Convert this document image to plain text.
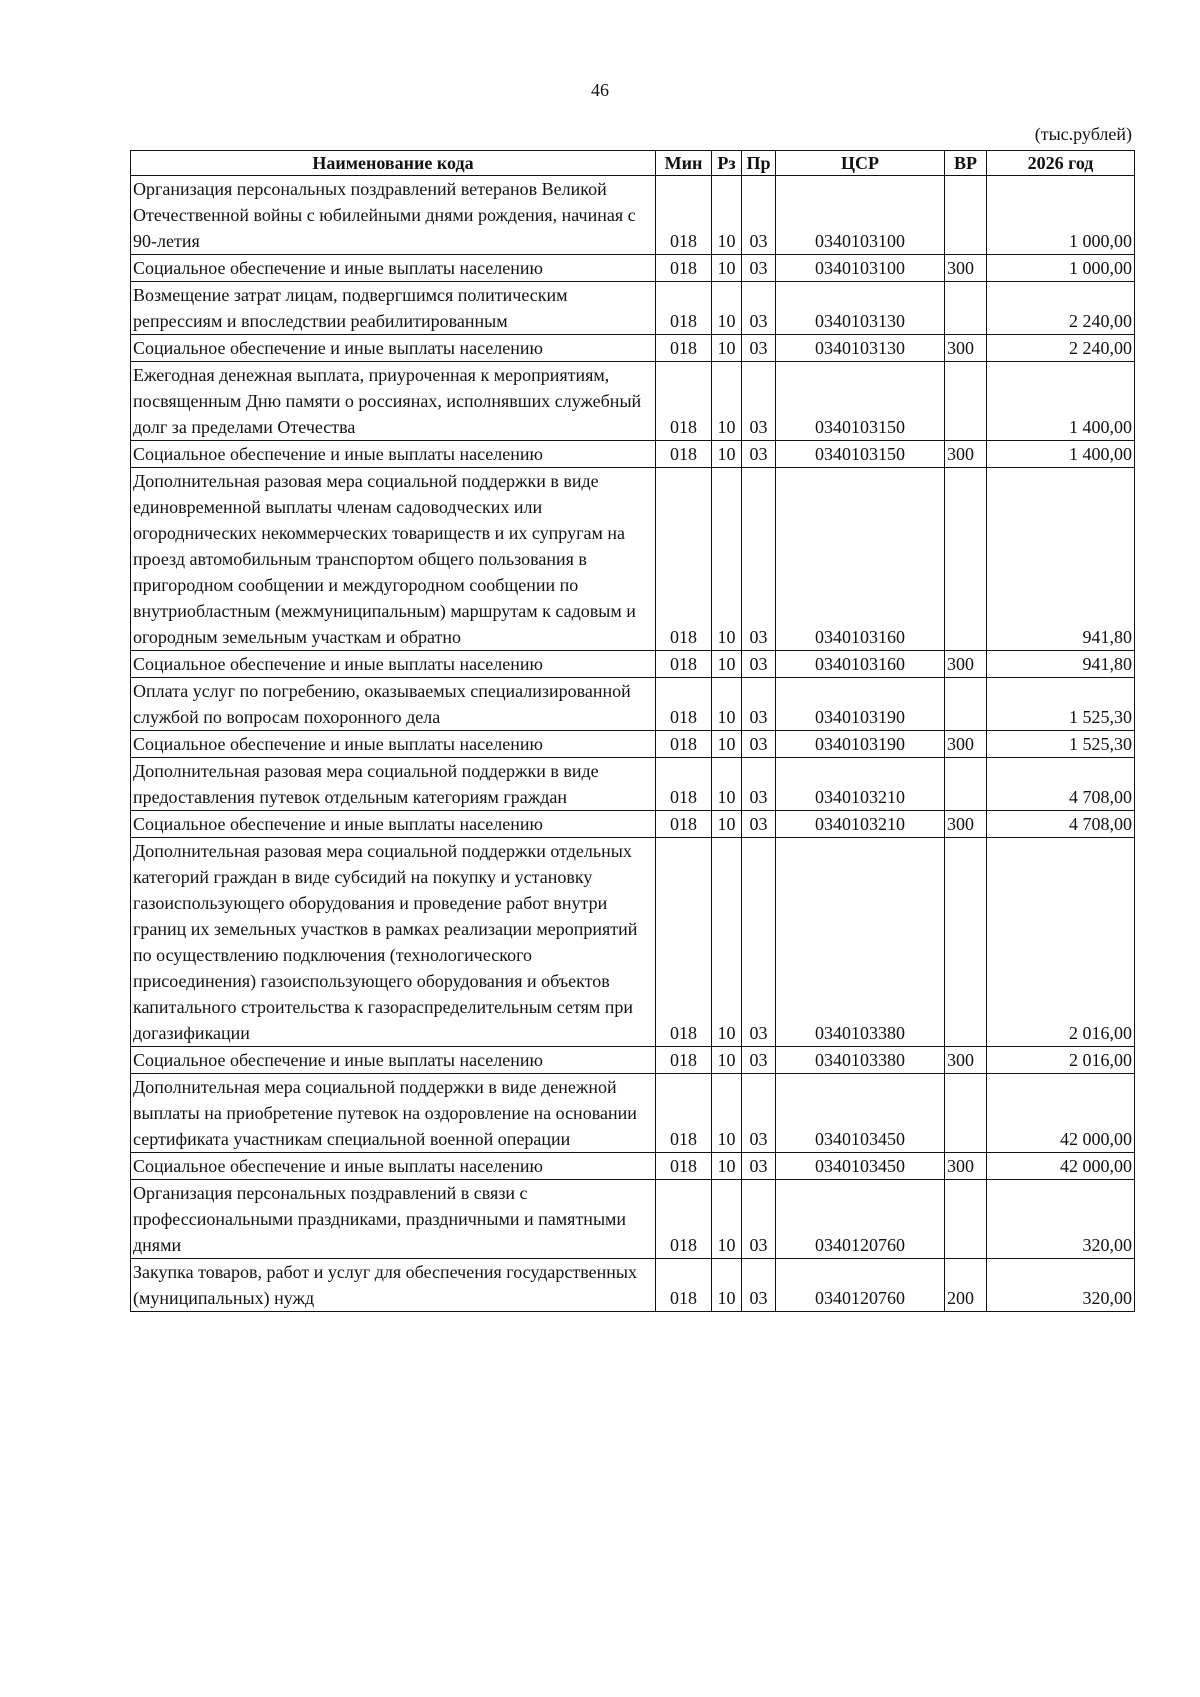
46
(тыс.рублей)
Наименование кода	Мин	Рз	Пр	ЦСР	ВР	2026 год
Организация персональных поздравлений ветеранов Великой Отечественной войны с юбилейными днями рождения, начиная с 90-летия	018	10	03	0340103100		1 000,00
Социальное обеспечение и иные выплаты населению	018	10	03	0340103100	300	1 000,00
Возмещение затрат лицам, подвергшимся политическим репрессиям и впоследствии реабилитированным	018	10	03	0340103130		2 240,00
Социальное обеспечение и иные выплаты населению	018	10	03	0340103130	300	2 240,00
Ежегодная денежная выплата, приуроченная к мероприятиям, посвященным Дню памяти о россиянах, исполнявших служебный долг за пределами Отечества	018	10	03	0340103150		1 400,00
Социальное обеспечение и иные выплаты населению	018	10	03	0340103150	300	1 400,00
Дополнительная разовая мера социальной поддержки в виде единовременной выплаты членам садоводческих или огороднических некоммерческих товариществ и их супругам на проезд автомобильным транспортом общего пользования в пригородном сообщении и междугородном сообщении по внутриобластным (межмуниципальным) маршрутам к садовым и огородным земельным участкам и обратно	018	10	03	0340103160		941,80
Социальное обеспечение и иные выплаты населению	018	10	03	0340103160	300	941,80
Оплата услуг по погребению, оказываемых специализированной службой по вопросам похоронного дела	018	10	03	0340103190		1 525,30
Социальное обеспечение и иные выплаты населению	018	10	03	0340103190	300	1 525,30
Дополнительная разовая мера социальной поддержки в виде предоставления путевок отдельным категориям граждан	018	10	03	0340103210		4 708,00
Социальное обеспечение и иные выплаты населению	018	10	03	0340103210	300	4 708,00
Дополнительная разовая мера социальной поддержки отдельных категорий граждан в виде субсидий на покупку и установку газоиспользующего оборудования и проведение работ внутри границ их земельных участков в рамках реализации мероприятий по осуществлению подключения (технологического присоединения) газоиспользующего оборудования и объектов капитального строительства к газораспределительным сетям при догазификации	018	10	03	0340103380		2 016,00
Социальное обеспечение и иные выплаты населению	018	10	03	0340103380	300	2 016,00
Дополнительная мера социальной поддержки в виде денежной выплаты на приобретение путевок на оздоровление на основании сертификата участникам специальной военной операции	018	10	03	0340103450		42 000,00
Социальное обеспечение и иные выплаты населению	018	10	03	0340103450	300	42 000,00
Организация персональных поздравлений в связи с профессиональными праздниками, праздничными и памятными днями	018	10	03	0340120760		320,00
Закупка товаров, работ и услуг для обеспечения государственных (муниципальных) нужд	018	10	03	0340120760	200	320,00
